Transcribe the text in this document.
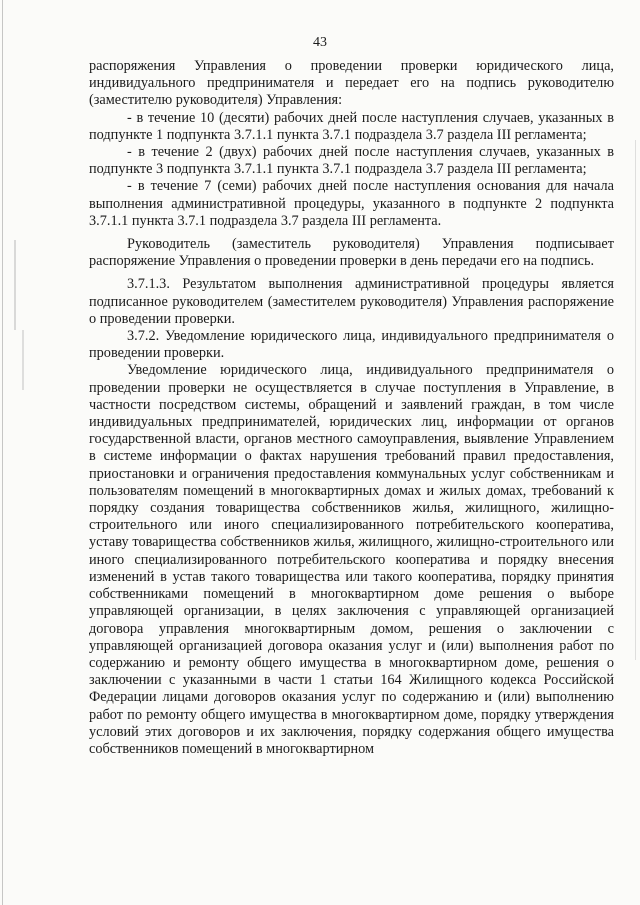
43

распоряжения Управления о проведении проверки юридического лица, индивидуального предпринимателя и передает его на подпись руководителю (заместителю руководителя) Управления:

- в течение 10 (десяти) рабочих дней после наступления случаев, указанных в подпункте 1 подпункта 3.7.1.1 пункта 3.7.1 подраздела 3.7 раздела III регламента;

- в течение 2 (двух) рабочих дней после наступления случаев, указанных в подпункте 3 подпункта 3.7.1.1 пункта 3.7.1 подраздела 3.7 раздела III регламента;

- в течение 7 (семи) рабочих дней после наступления основания для начала выполнения административной процедуры, указанного в подпункте 2 подпункта 3.7.1.1 пункта 3.7.1 подраздела 3.7 раздела III регламента.

Руководитель (заместитель руководителя) Управления подписывает распоряжение Управления о проведении проверки в день передачи его на подпись.

3.7.1.3. Результатом выполнения административной процедуры является подписанное руководителем (заместителем руководителя) Управления распоряжение о проведении проверки.

3.7.2. Уведомление юридического лица, индивидуального предпринимателя о проведении проверки.

Уведомление юридического лица, индивидуального предпринимателя о проведении проверки не осуществляется в случае поступления в Управление, в частности посредством системы, обращений и заявлений граждан, в том числе индивидуальных предпринимателей, юридических лиц, информации от органов государственной власти, органов местного самоуправления, выявление Управлением в системе информации о фактах нарушения требований правил предоставления, приостановки и ограничения предоставления коммунальных услуг собственникам и пользователям помещений в многоквартирных домах и жилых домах, требований к порядку создания товарищества собственников жилья, жилищного, жилищно-строительного или иного специализированного потребительского кооператива, уставу товарищества собственников жилья, жилищного, жилищно-строительного или иного специализированного потребительского кооператива и порядку внесения изменений в устав такого товарищества или такого кооператива, порядку принятия собственниками помещений в многоквартирном доме решения о выборе управляющей организации, в целях заключения с управляющей организацией договора управления многоквартирным домом, решения о заключении с управляющей организацией договора оказания услуг и (или) выполнения работ по содержанию и ремонту общего имущества в многоквартирном доме, решения о заключении с указанными в части 1 статьи 164 Жилищного кодекса Российской Федерации лицами договоров оказания услуг по содержанию и (или) выполнению работ по ремонту общего имущества в многоквартирном доме, порядку утверждения условий этих договоров и их заключения, порядку содержания общего имущества собственников помещений в многоквартирном
